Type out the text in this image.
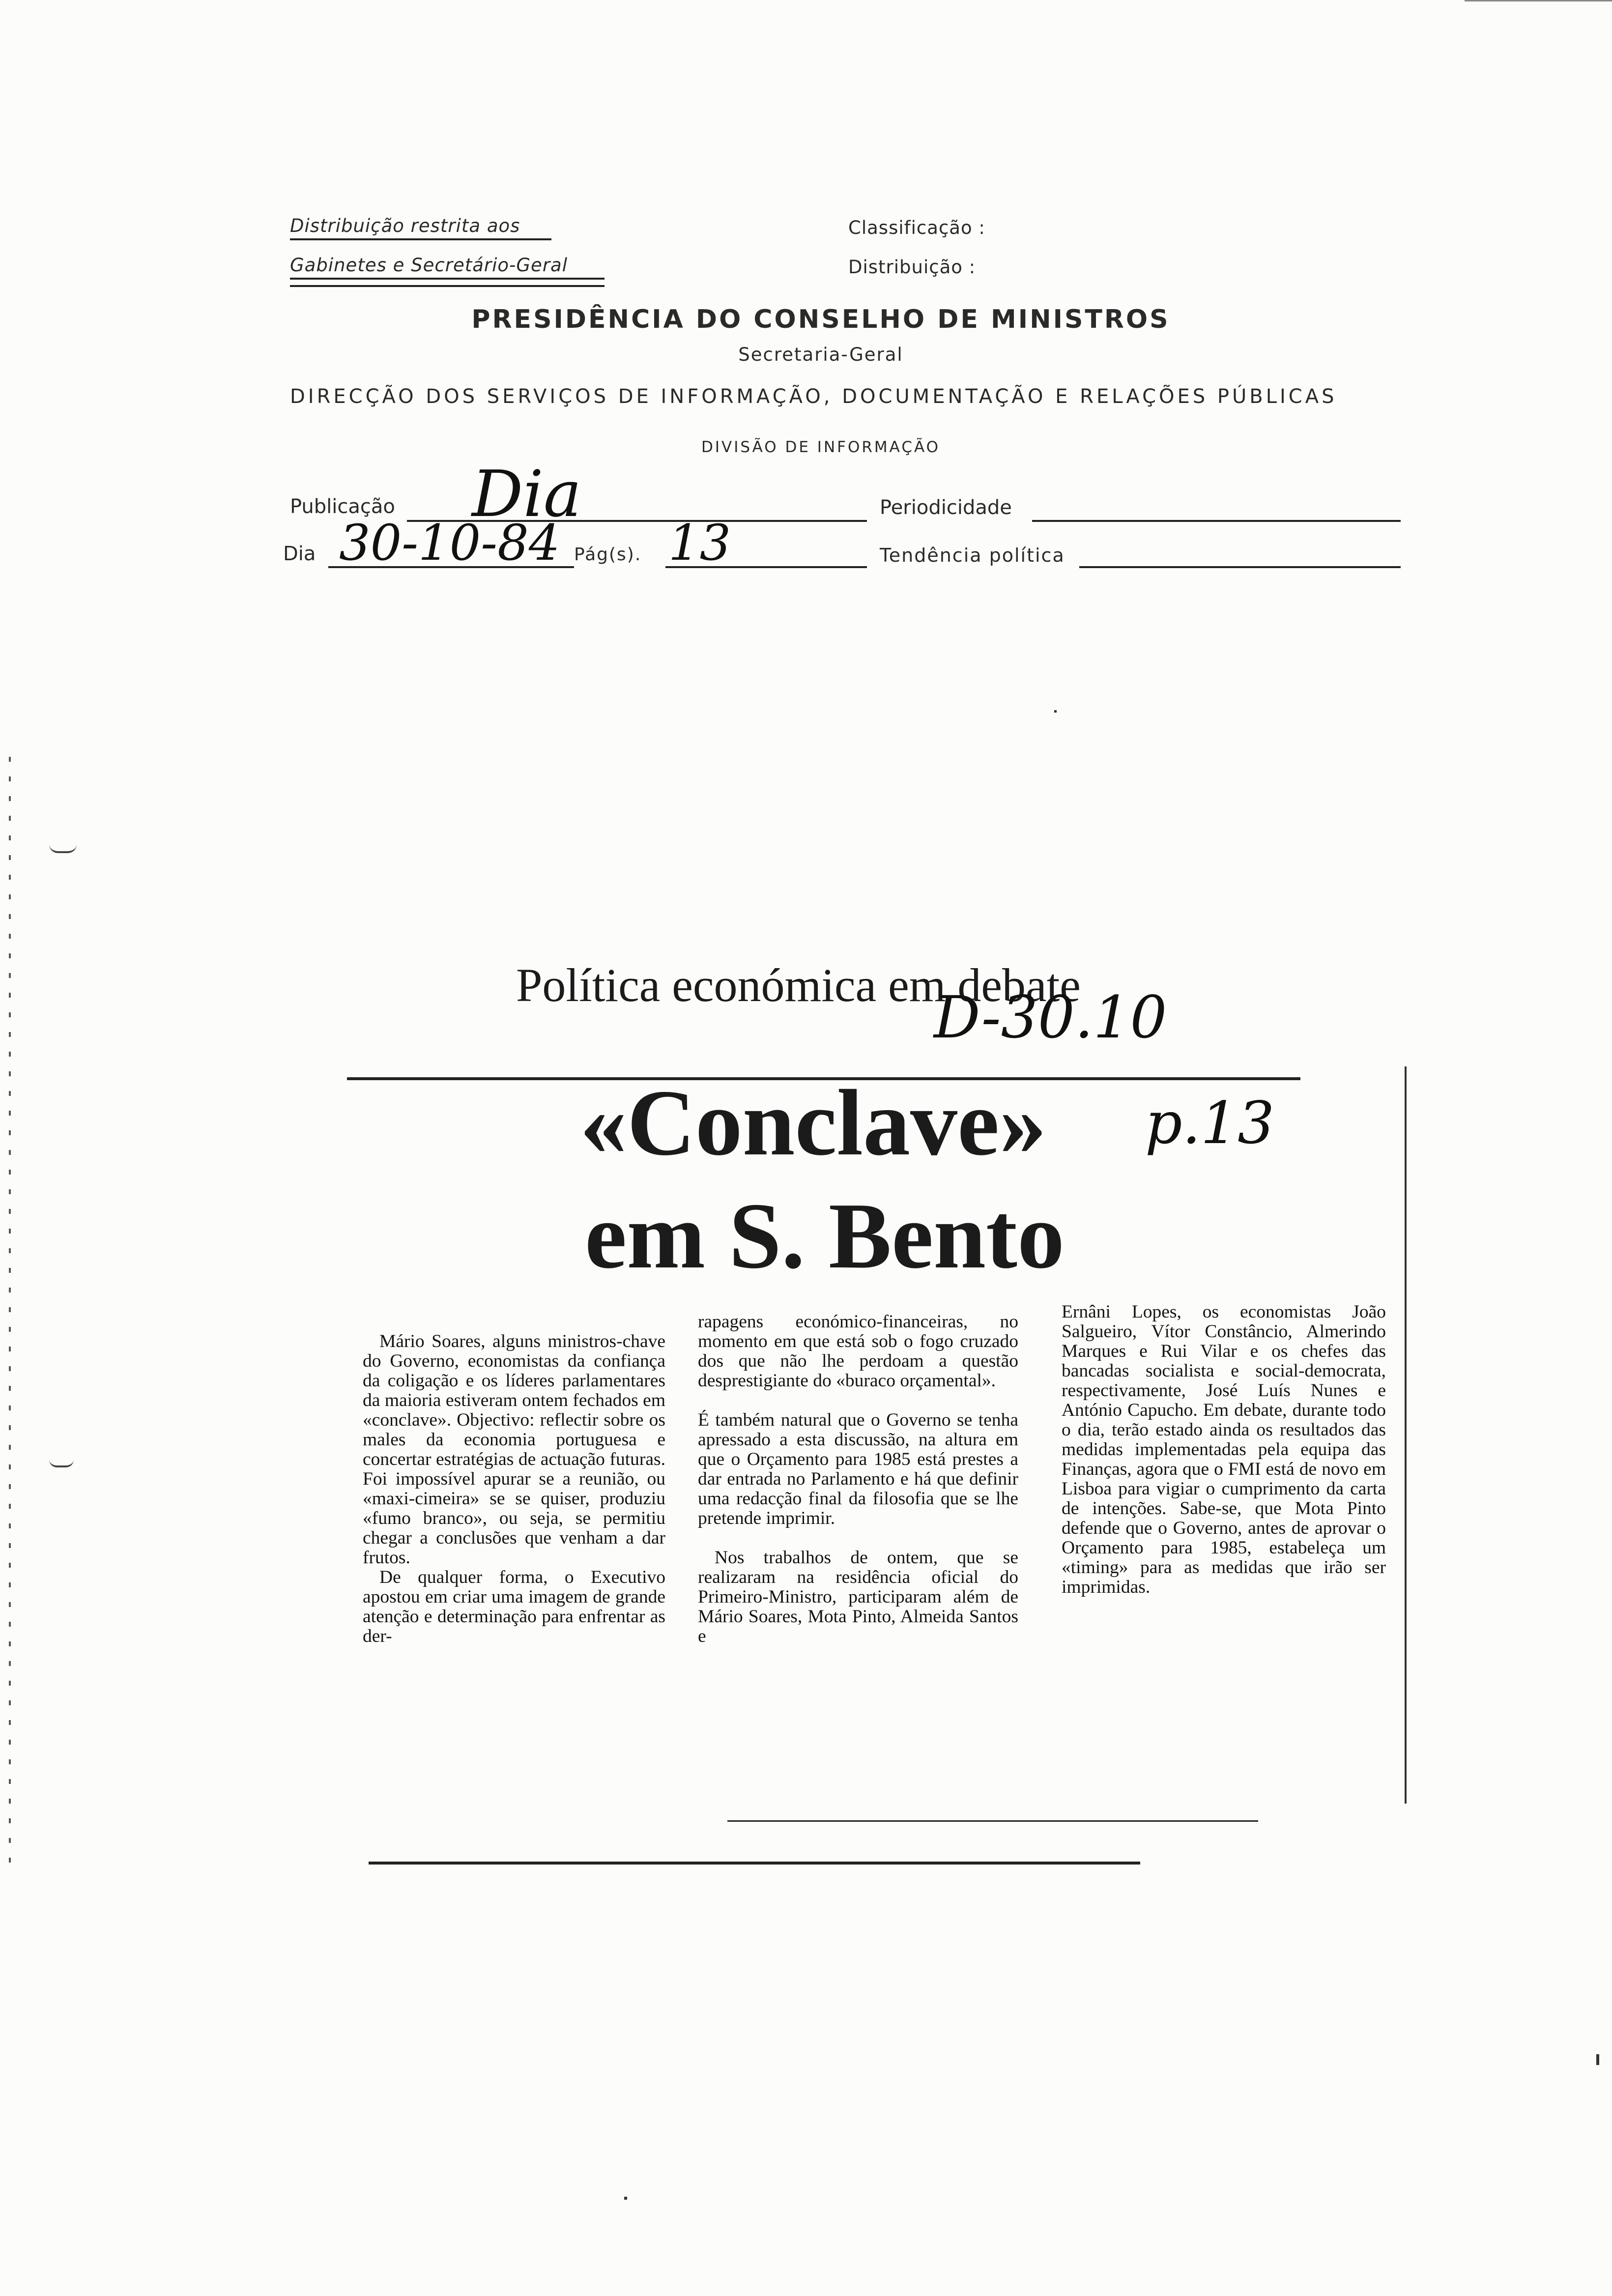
Distribuição restrita aos
Gabinetes e Secretário-Geral
Classificação :
Distribuição :
PRESIDÊNCIA DO CONSELHO DE MINISTROS
Secretaria-Geral
DIRECÇÃO DOS SERVIÇOS DE INFORMAÇÃO, DOCUMENTAÇÃO E RELAÇÕES PÚBLICAS
DIVISÃO DE INFORMAÇÃO
Publicação Dia	Periodicidade
Dia 30-10-84 Pág(s). 13	Tendência política
Política económica em debate
D-30.10
«Conclave» p.13
em S. Bento

Mário Soares, alguns ministros-chave do Governo, economistas da confiança da coligação e os líderes parlamentares da maioria estiveram ontem fechados em «conclave». Objectivo: reflectir sobre os males da economia portuguesa e concertar estratégias de actuação futuras. Foi impossível apurar se a reunião, ou «maxi-cimeira» se se quiser, produziu «fumo branco», ou seja, se permitiu chegar a conclusões que venham a dar frutos.

De qualquer forma, o Executivo apostou em criar uma imagem de grande atenção e determinação para enfrentar as der-

rapagens económico-financeiras, no momento em que está sob o fogo cruzado dos que não lhe perdoam a questão desprestigiante do «buraco orçamental».

É também natural que o Governo se tenha apressado a esta discussão, na altura em que o Orçamento para 1985 está prestes a dar entrada no Parlamento e há que definir uma redacção final da filosofia que se lhe pretende imprimir.

Nos trabalhos de ontem, que se realizaram na residência oficial do Primeiro-Ministro, participaram além de Mário Soares, Mota Pinto, Almeida Santos e

Ernâni Lopes, os economistas João Salgueiro, Vítor Constâncio, Almerindo Marques e Rui Vilar e os chefes das bancadas socialista e social-democrata, respectivamente, José Luís Nunes e António Capucho. Em debate, durante todo o dia, terão estado ainda os resultados das medidas implementadas pela equipa das Finanças, agora que o FMI está de novo em Lisboa para vigiar o cumprimento da carta de intenções. Sabe-se, que Mota Pinto defende que o Governo, antes de aprovar o Orçamento para 1985, estabeleça um «timing» para as medidas que irão ser imprimidas.
